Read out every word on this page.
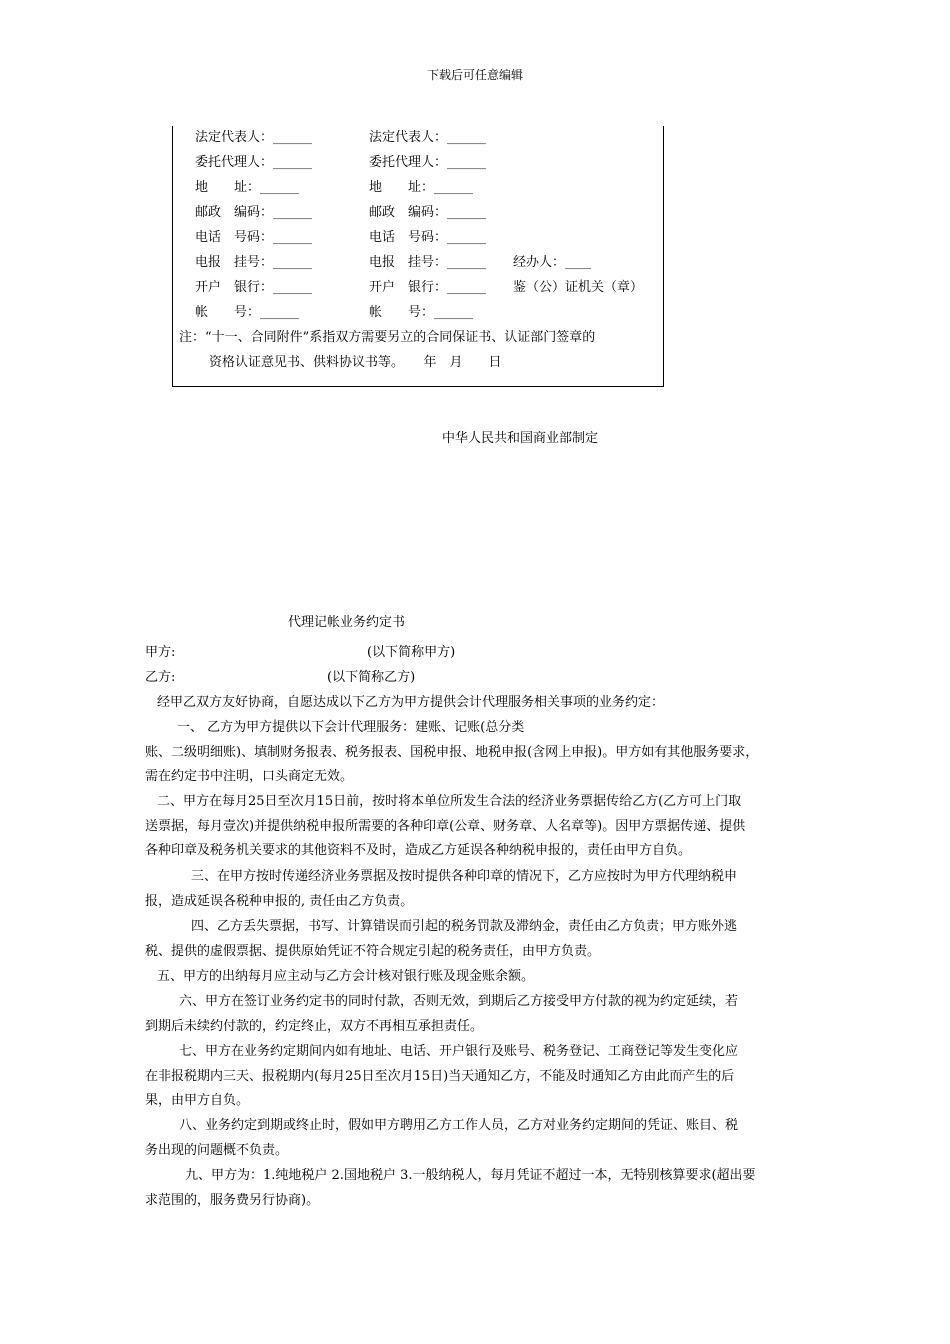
下载后可任意编辑
法定代表人：______	法定代表人：______
委托代理人：______	委托代理人：______
地　　址：______	地　　址：______
邮政　编码：______	邮政　编码：______
电话　号码：______	电话　号码：______
电报　挂号：______	电报　挂号：______ 经办人：____
开户　银行：______	开户　银行：______ 鉴（公）证机关（章）
帐　　号：______	帐　　号：______
注：“十一、合同附件”系指双方需要另立的合同保证书、认证部门签章的
资格认证意见书、供料协议书等。　　年　月　　日
中华人民共和国商业部制定
代理记帐业务约定书
甲方:	(以下简称甲方)
乙方:	(以下简称乙方)
经甲乙双方友好协商，自愿达成以下乙方为甲方提供会计代理服务相关事项的业务约定：
一、 乙方为甲方提供以下会计代理服务：建账、记账(总分类
账、二级明细账)、填制财务报表、税务报表、国税申报、地税申报(含网上申报)。甲方如有其他服务要求，
需在约定书中注明，口头商定无效。
二、甲方在每月25日至次月15日前，按时将本单位所发生合法的经济业务票据传给乙方(乙方可上门取
送票据，每月壹次)并提供纳税申报所需要的各种印章(公章、财务章、人名章等)。因甲方票据传递、提供
各种印章及税务机关要求的其他资料不及时，造成乙方延误各种纳税申报的，责任由甲方自负。
三、在甲方按时传递经济业务票据及按时提供各种印章的情况下，乙方应按时为甲方代理纳税申
报，造成延误各税种申报的, 责任由乙方负责。
四、乙方丢失票据，书写、计算错误而引起的税务罚款及滞纳金，责任由乙方负责；甲方账外逃
税、提供的虚假票据、提供原始凭证不符合规定引起的税务责任，由甲方负责。
五、甲方的出纳每月应主动与乙方会计核对银行账及现金账余额。
六、甲方在签订业务约定书的同时付款，否则无效，到期后乙方接受甲方付款的视为约定延续，若
到期后未续约付款的，约定终止，双方不再相互承担责任。
七、甲方在业务约定期间内如有地址、电话、开户银行及账号、税务登记、工商登记等发生变化应
在非报税期内三天、报税期内(每月25日至次月15日)当天通知乙方，不能及时通知乙方由此而产生的后
果，由甲方自负。
八、业务约定到期或终止时，假如甲方聘用乙方工作人员，乙方对业务约定期间的凭证、账目、税
务出现的问题概不负责。
九、甲方为：1.纯地税户 2.国地税户 3.一般纳税人，每月凭证不超过一本，无特别核算要求(超出要
求范围的，服务费另行协商)。
